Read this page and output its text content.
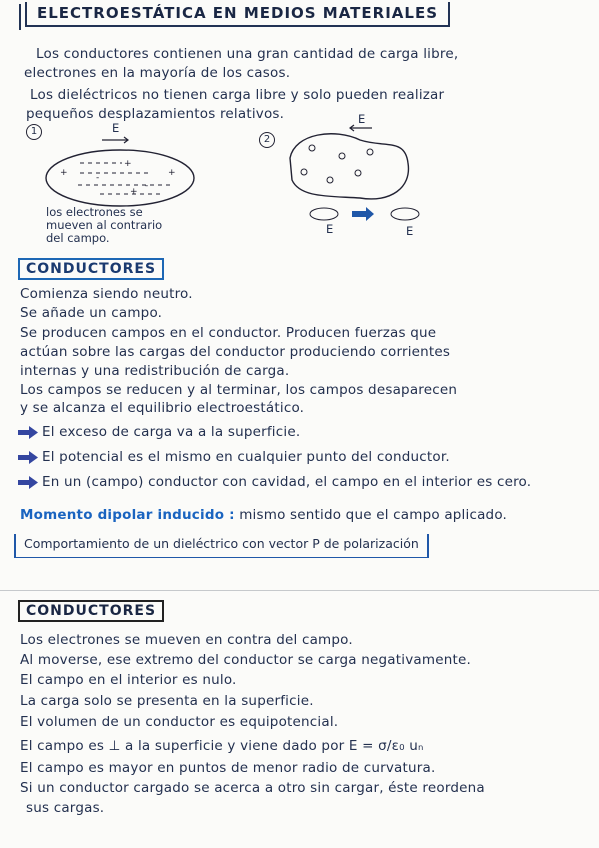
ELECTROESTÁTICA EN MEDIOS MATERIALES
Los conductores contienen una gran cantidad de carga libre,
electrones en la mayoría de los casos.
Los dieléctricos no tienen carga libre y solo pueden realizar
pequeños desplazamientos relativos.
1	E
+
+
+
+
-
-
los electrones se
mueven al contrario
del campo.
2
E
E	E
CONDUCTORES
Comienza siendo neutro.
Se añade un campo.
Se producen campos en el conductor. Producen fuerzas que
actúan sobre las cargas del conductor produciendo corrientes
internas y una redistribución de carga.
Los campos se reducen y al terminar, los campos desaparecen
y se alcanza el equilibrio electroestático.
El exceso de carga va a la superficie.
El potencial es el mismo en cualquier punto del conductor.
En un (campo) conductor con cavidad, el campo en el interior es cero.
Momento dipolar inducido : mismo sentido que el campo aplicado.
Comportamiento de un dieléctrico con vector P de polarización
CONDUCTORES
Los electrones se mueven en contra del campo.
Al moverse, ese extremo del conductor se carga negativamente.
El campo en el interior es nulo.
La carga solo se presenta en la superficie.
El volumen de un conductor es equipotencial.
El campo es ⊥ a la superficie y viene dado por E = σ/ε₀ uₙ
El campo es mayor en puntos de menor radio de curvatura.
Si un conductor cargado se acerca a otro sin cargar, éste reordena
sus cargas.
